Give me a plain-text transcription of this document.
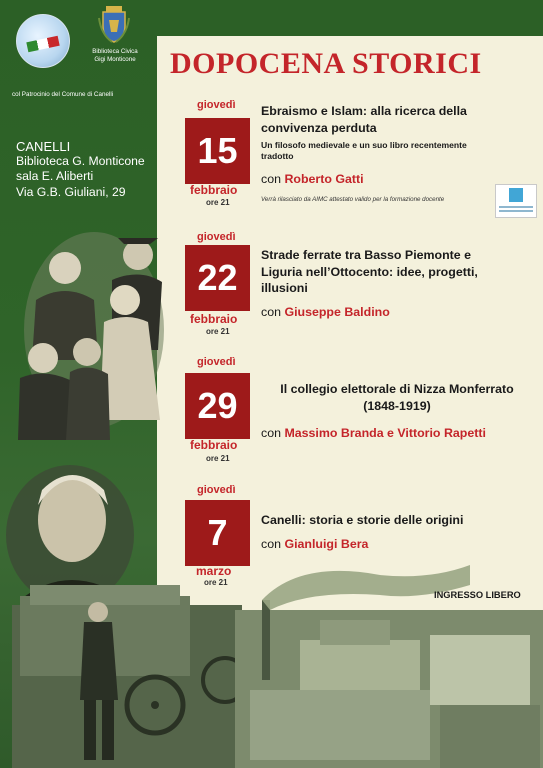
Biblioteca Civica
Gigi Monticone
col Patrocinio del Comune di Canelli
CANELLI
Biblioteca G. Monticone
sala E. Aliberti
Via G.B. Giuliani, 29
DOPOCENA STORICI
giovedì
15
febbraio
ore 21
Ebraismo e Islam: alla ricerca della
convivenza perduta
Un filosofo medievale e un suo libro recentemente
tradotto
con Roberto Gatti
Verrà rilasciato da AIMC attestato valido per la formazione docente
giovedì
22
febbraio
ore 21
Strade ferrate tra Basso Piemonte e
Liguria nell’Ottocento: idee, progetti,
illusioni
con Giuseppe Baldino
giovedì
29
febbraio
ore 21
Il collegio elettorale di Nizza Monferrato
(1848-1919)
con Massimo Branda e Vittorio Rapetti
giovedì
7
marzo
ore 21
Canelli: storia e storie delle origini
con Gianluigi Bera
INGRESSO LIBERO
